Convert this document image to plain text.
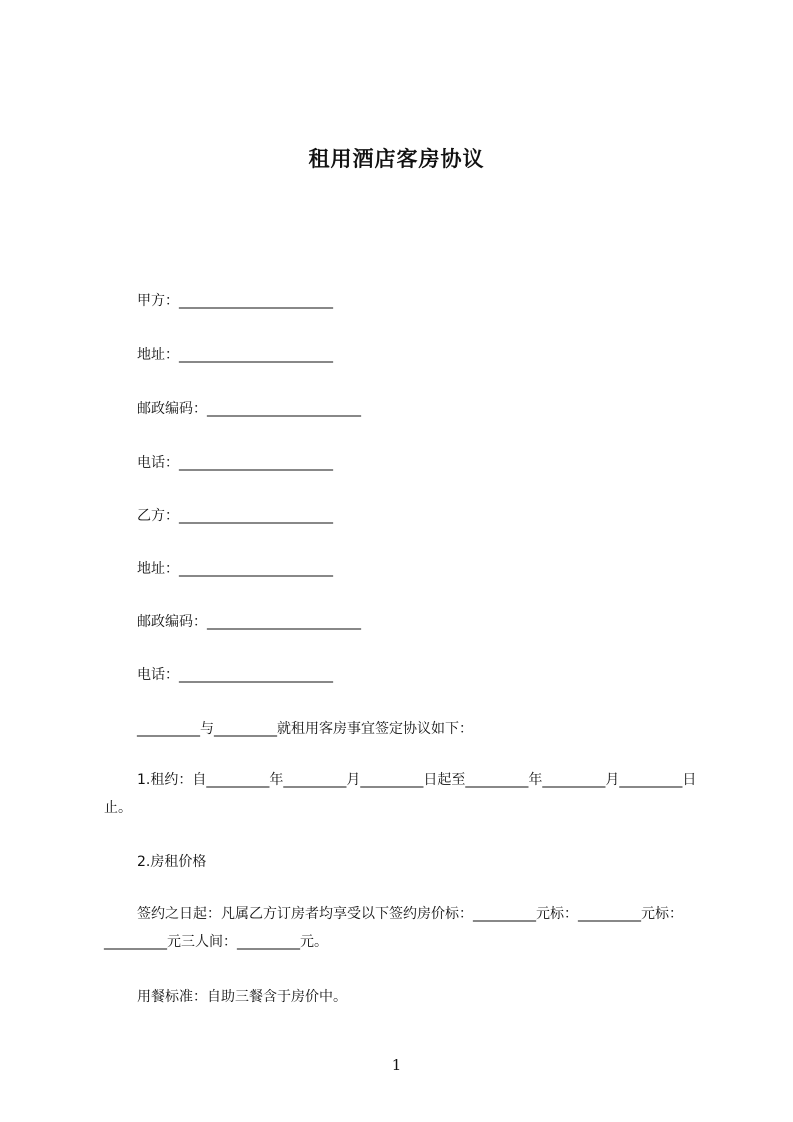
租用酒店客房协议
甲方：______________________
地址：______________________
邮政编码：______________________
电话：______________________
乙方：______________________
地址：______________________
邮政编码：______________________
电话：______________________
_________与_________就租用客房事宜签定协议如下：
1.租约：自_________年_________月_________日起至_________年_________月_________日止。
2.房租价格
签约之日起：凡属乙方订房者均享受以下签约房价标：_________元标：_________元标：_________元三人间：_________元。
用餐标准：自助三餐含于房价中。
1
